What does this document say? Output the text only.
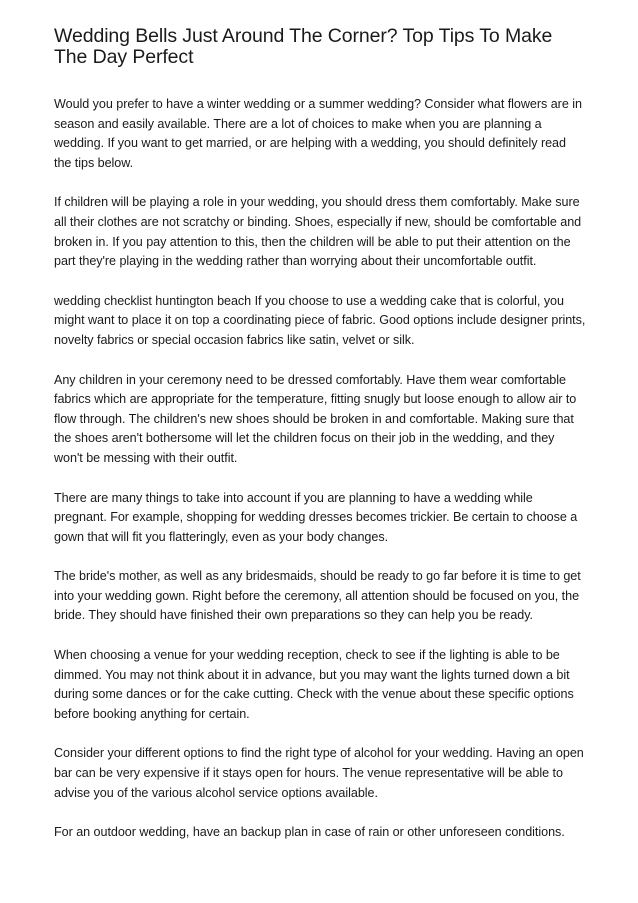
Wedding Bells Just Around The Corner? Top Tips To Make The Day Perfect

Would you prefer to have a winter wedding or a summer wedding? Consider what flowers are in season and easily available. There are a lot of choices to make when you are planning a wedding. If you want to get married, or are helping with a wedding, you should definitely read the tips below.

If children will be playing a role in your wedding, you should dress them comfortably. Make sure all their clothes are not scratchy or binding. Shoes, especially if new, should be comfortable and broken in. If you pay attention to this, then the children will be able to put their attention on the part they're playing in the wedding rather than worrying about their uncomfortable outfit.

wedding checklist huntington beach If you choose to use a wedding cake that is colorful, you might want to place it on top a coordinating piece of fabric. Good options include designer prints, novelty fabrics or special occasion fabrics like satin, velvet or silk.

Any children in your ceremony need to be dressed comfortably. Have them wear comfortable fabrics which are appropriate for the temperature, fitting snugly but loose enough to allow air to flow through. The children's new shoes should be broken in and comfortable. Making sure that the shoes aren't bothersome will let the children focus on their job in the wedding, and they won't be messing with their outfit.

There are many things to take into account if you are planning to have a wedding while pregnant. For example, shopping for wedding dresses becomes trickier. Be certain to choose a gown that will fit you flatteringly, even as your body changes.

The bride's mother, as well as any bridesmaids, should be ready to go far before it is time to get into your wedding gown. Right before the ceremony, all attention should be focused on you, the bride. They should have finished their own preparations so they can help you be ready.

When choosing a venue for your wedding reception, check to see if the lighting is able to be dimmed. You may not think about it in advance, but you may want the lights turned down a bit during some dances or for the cake cutting. Check with the venue about these specific options before booking anything for certain.

Consider your different options to find the right type of alcohol for your wedding. Having an open bar can be very expensive if it stays open for hours. The venue representative will be able to advise you of the various alcohol service options available.

For an outdoor wedding, have an backup plan in case of rain or other unforeseen conditions.
